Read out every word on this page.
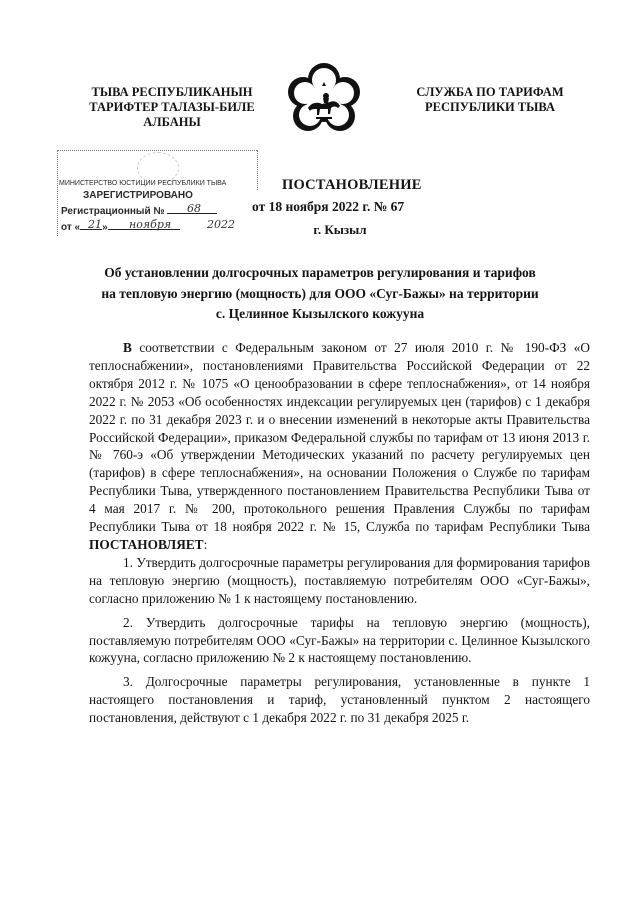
ТЫВА РЕСПУБЛИКАНЫН
ТАРИФТЕР ТАЛАЗЫ-БИЛЕ
АЛБАНЫ
СЛУЖБА ПО ТАРИФАМ
РЕСПУБЛИКИ ТЫВА
МИНИСТЕРСТВО ЮСТИЦИИ РЕСПУБЛИКИ ТЫВА
ЗАРЕГИСТРИРОВАНО
Регистрационный №	68
от « »
21 ноября	2022
ПОСТАНОВЛЕНИЕ
от 18 ноября 2022 г. № 67
г. Кызыл
Об установлении долгосрочных параметров регулирования и тарифов
на тепловую энергию (мощность) для ООО «Суг-Бажы» на территории
с. Целинное Кызылского кожууна

В соответствии с Федеральным законом от 27 июля 2010 г. № 190-ФЗ «О теплоснабжении», постановлениями Правительства Российской Федерации от 22 октября 2012 г. № 1075 «О ценообразовании в сфере теплоснабжения», от 14 ноября 2022 г. № 2053 «Об особенностях индексации регулируемых цен (тарифов) с 1 декабря 2022 г. по 31 декабря 2023 г. и о внесении изменений в некоторые акты Правительства Российской Федерации», приказом Федеральной службы по тарифам от 13 июня 2013 г. № 760-э «Об утверждении Методических указаний по расчету регулируемых цен (тарифов) в сфере теплоснабжения», на основании Положения о Службе по тарифам Республики Тыва, утвержденного постановлением Правительства Республики Тыва от 4 мая 2017 г. № 200, протокольного решения Правления Службы по тарифам Республики Тыва от 18 ноября 2022 г. № 15, Служба по тарифам Республики Тыва ПОСТАНОВЛЯЕТ:

1. Утвердить долгосрочные параметры регулирования для формирования тарифов на тепловую энергию (мощность), поставляемую потребителям ООО «Суг-Бажы», согласно приложению № 1 к настоящему постановлению.

2. Утвердить долгосрочные тарифы на тепловую энергию (мощность), поставляемую потребителям ООО «Суг-Бажы» на территории с. Целинное Кызылского кожууна, согласно приложению № 2 к настоящему постановлению.

3. Долгосрочные параметры регулирования, установленные в пункте 1 настоящего постановления и тариф, установленный пунктом 2 настоящего постановления, действуют с 1 декабря 2022 г. по 31 декабря 2025 г.
